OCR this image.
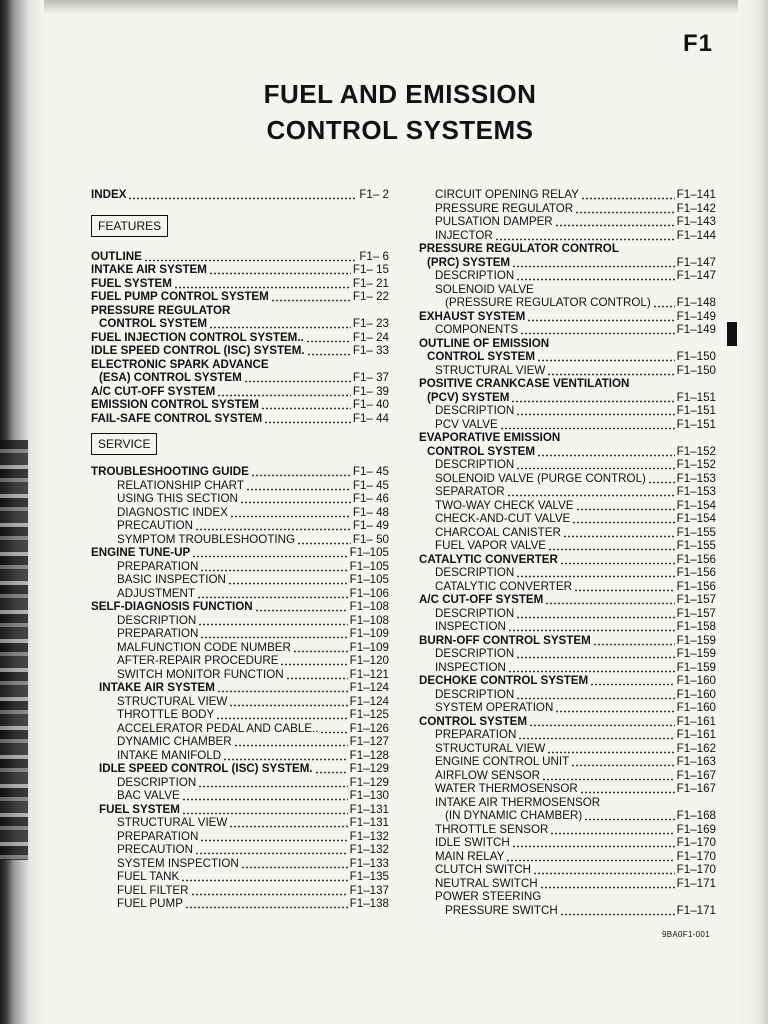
F1
FUEL AND EMISSION
CONTROL SYSTEMS
INDEX	F1– 2
FEATURES
OUTLINE	F1– 6
INTAKE AIR SYSTEM	F1– 15
FUEL SYSTEM	F1– 21
FUEL PUMP CONTROL SYSTEM	F1– 22
PRESSURE REGULATOR
CONTROL SYSTEM	F1– 23
FUEL INJECTION CONTROL SYSTEM..	F1– 24
IDLE SPEED CONTROL (ISC) SYSTEM.	F1– 33
ELECTRONIC SPARK ADVANCE
(ESA) CONTROL SYSTEM	F1– 37
A/C CUT-OFF SYSTEM	F1– 39
EMISSION CONTROL SYSTEM	F1– 40
FAIL-SAFE CONTROL SYSTEM	F1– 44
SERVICE
TROUBLESHOOTING GUIDE	F1– 45
RELATIONSHIP CHART	F1– 45
USING THIS SECTION	F1– 46
DIAGNOSTIC INDEX	F1– 48
PRECAUTION	F1– 49
SYMPTOM TROUBLESHOOTING	F1– 50
ENGINE TUNE-UP	F1–105
PREPARATION	F1–105
BASIC INSPECTION	F1–105
ADJUSTMENT	F1–106
SELF-DIAGNOSIS FUNCTION	F1–108
DESCRIPTION	F1–108
PREPARATION	F1–109
MALFUNCTION CODE NUMBER	F1–109
AFTER-REPAIR PROCEDURE	F1–120
SWITCH MONITOR FUNCTION	F1–121
INTAKE AIR SYSTEM	F1–124
STRUCTURAL VIEW	F1–124
THROTTLE BODY	F1–125
ACCELERATOR PEDAL AND CABLE..	F1–126
DYNAMIC CHAMBER	F1–127
INTAKE MANIFOLD	F1–128
IDLE SPEED CONTROL (ISC) SYSTEM.	F1–129
DESCRIPTION	F1–129
BAC VALVE	F1–130
FUEL SYSTEM	F1–131
STRUCTURAL VIEW	F1–131
PREPARATION	F1–132
PRECAUTION	F1–132
SYSTEM INSPECTION	F1–133
FUEL TANK	F1–135
FUEL FILTER	F1–137
FUEL PUMP	F1–138
CIRCUIT OPENING RELAY	F1–141
PRESSURE REGULATOR	F1–142
PULSATION DAMPER	F1–143
INJECTOR	F1–144
PRESSURE REGULATOR CONTROL
(PRC) SYSTEM	F1–147
DESCRIPTION	F1–147
SOLENOID VALVE
(PRESSURE REGULATOR CONTROL) F1–148
EXHAUST SYSTEM	F1–149
COMPONENTS	F1–149
OUTLINE OF EMISSION
CONTROL SYSTEM	F1–150
STRUCTURAL VIEW	F1–150
POSITIVE CRANKCASE VENTILATION
(PCV) SYSTEM	F1–151
DESCRIPTION	F1–151
PCV VALVE	F1–151
EVAPORATIVE EMISSION
CONTROL SYSTEM	F1–152
DESCRIPTION	F1–152
SOLENOID VALVE (PURGE CONTROL)	F1–153
SEPARATOR	F1–153
TWO-WAY CHECK VALVE	F1–154
CHECK-AND-CUT VALVE	F1–154
CHARCOAL CANISTER	F1–155
FUEL VAPOR VALVE	F1–155
CATALYTIC CONVERTER	F1–156
DESCRIPTION	F1–156
CATALYTIC CONVERTER	F1–156
A/C CUT-OFF SYSTEM	F1–157
DESCRIPTION	F1–157
INSPECTION	F1–158
BURN-OFF CONTROL SYSTEM	F1–159
DESCRIPTION	F1–159
INSPECTION	F1–159
DECHOKE CONTROL SYSTEM	F1–160
DESCRIPTION	F1–160
SYSTEM OPERATION	F1–160
CONTROL SYSTEM	F1–161
PREPARATION	F1–161
STRUCTURAL VIEW	F1–162
ENGINE CONTROL UNIT	F1–163
AIRFLOW SENSOR	F1–167
WATER THERMOSENSOR	F1–167
INTAKE AIR THERMOSENSOR
(IN DYNAMIC CHAMBER)	F1–168
THROTTLE SENSOR	F1–169
IDLE SWITCH	F1–170
MAIN RELAY	F1–170
CLUTCH SWITCH	F1–170
NEUTRAL SWITCH	F1–171
POWER STEERING
PRESSURE SWITCH	F1–171
9BA0F1-001
